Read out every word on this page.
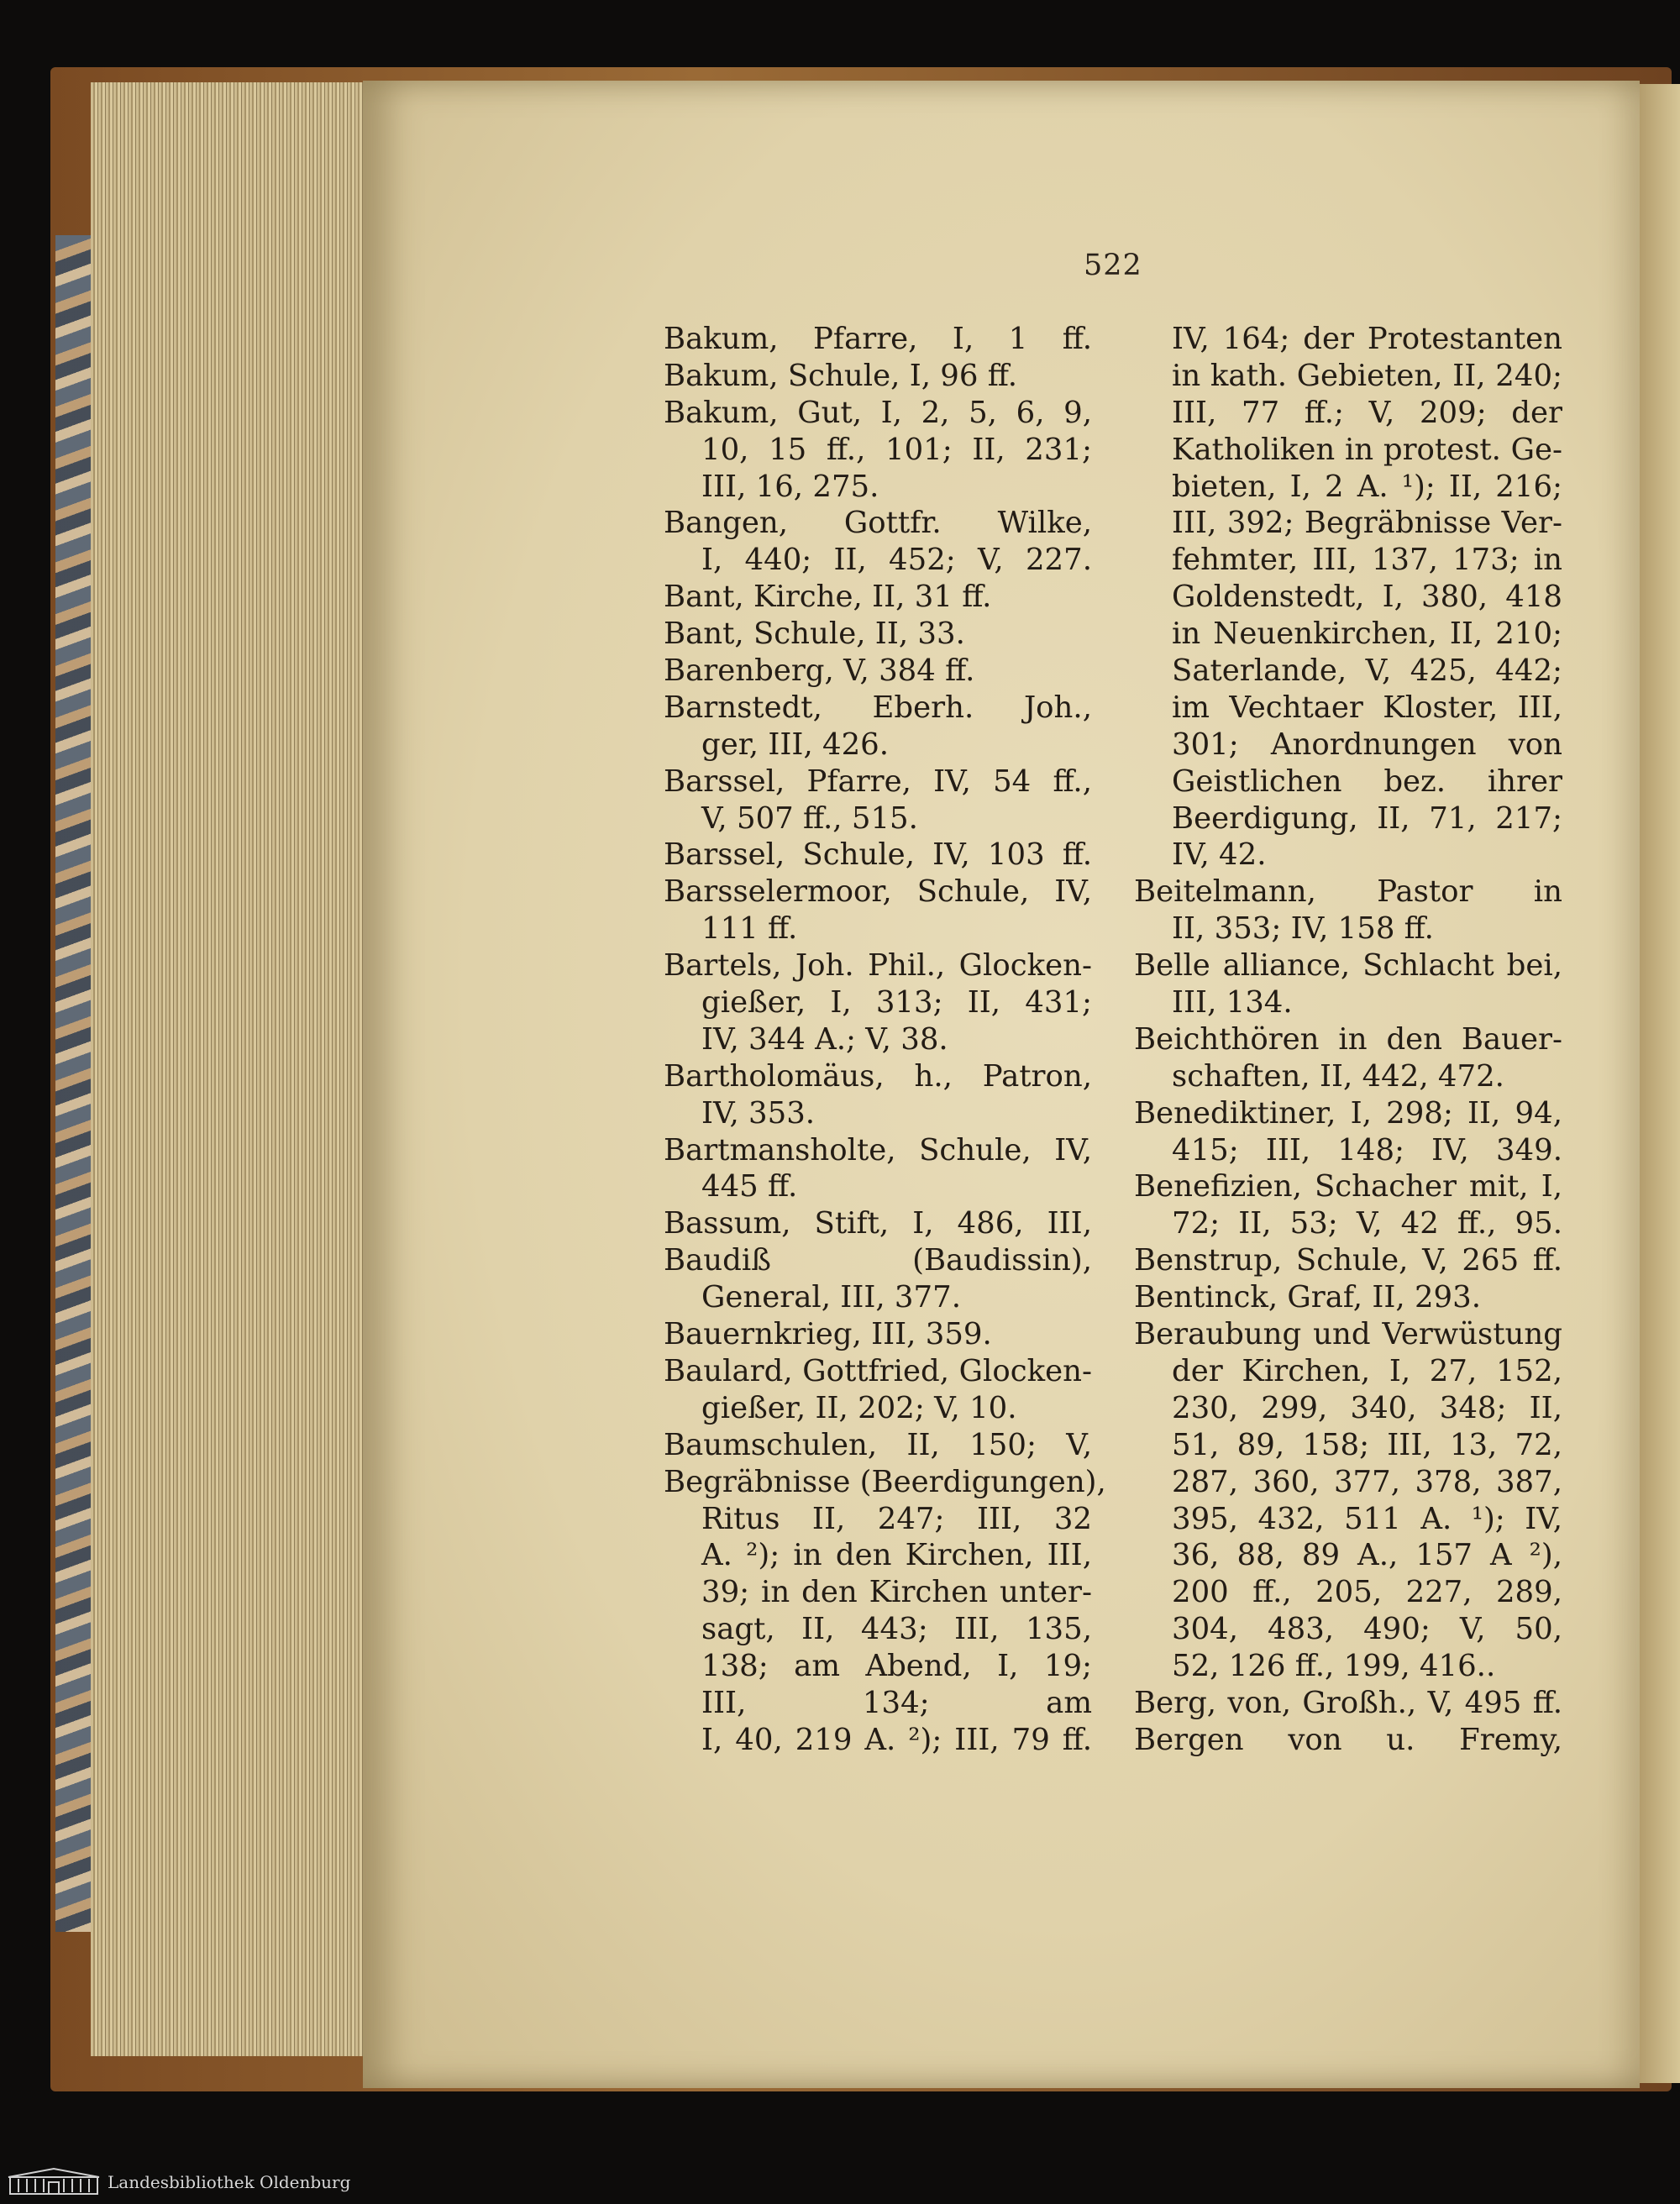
522
Bakum, Pfarre, I, 1 ff.
Bakum, Schule, I, 96 ff.
Bakum, Gut, I, 2, 5, 6, 9,
10, 15 ff., 101; II, 231;
III, 16, 275.
Bangen, Gottfr. Wilke,
I, 440; II, 452; V, 227.
Bant, Kirche, II, 31 ff.
Bant, Schule, II, 33.
Barenberg, V, 384 ff.
Barnstedt, Eberh. Joh.,
ger, III, 426.
Barssel, Pfarre, IV, 54 ff.,
V, 507 ff., 515.
Barssel, Schule, IV, 103 ff.
Barsselermoor, Schule, IV,
111 ff.
Bartels, Joh. Phil., Glocken-
gießer, I, 313; II, 431;
IV, 344 A.; V, 38.
Bartholomäus, h., Patron,
IV, 353.
Bartmansholte, Schule, IV,
445 ff.
Bassum, Stift, I, 486, III,
Baudiß (Baudissin),
General, III, 377.
Bauernkrieg, III, 359.
Baulard, Gottfried, Glocken-
gießer, II, 202; V, 10.
Baumschulen, II, 150; V,
Begräbnisse (Beerdigungen),
Ritus II, 247; III, 32
A. ²); in den Kirchen, III,
39; in den Kirchen unter-
sagt, II, 443; III, 135,
138; am Abend, I, 19;
III, 134; am
I, 40, 219 A. ²); III, 79 ff.
IV, 164; der Protestanten
in kath. Gebieten, II, 240;
III, 77 ff.; V, 209; der
Katholiken in protest. Ge-
bieten, I, 2 A. ¹); II, 216;
III, 392; Begräbnisse Ver-
fehmter, III, 137, 173; in
Goldenstedt, I, 380, 418
in Neuenkirchen, II, 210;
Saterlande, V, 425, 442;
im Vechtaer Kloster, III,
301; Anordnungen von
Geistlichen bez. ihrer
Beerdigung, II, 71, 217;
IV, 42.
Beitelmann, Pastor in
II, 353; IV, 158 ff.
Belle alliance, Schlacht bei,
III, 134.
Beichthören in den Bauer-
schaften, II, 442, 472.
Benediktiner, I, 298; II, 94,
415; III, 148; IV, 349.
Benefizien, Schacher mit, I,
72; II, 53; V, 42 ff., 95.
Benstrup, Schule, V, 265 ff.
Bentinck, Graf, II, 293.
Beraubung und Verwüstung
der Kirchen, I, 27, 152,
230, 299, 340, 348; II,
51, 89, 158; III, 13, 72,
287, 360, 377, 378, 387,
395, 432, 511 A. ¹); IV,
36, 88, 89 A., 157 A ²),
200 ff., 205, 227, 289,
304, 483, 490; V, 50,
52, 126 ff., 199, 416..
Berg, von, Großh., V, 495 ff.
Bergen von u. Fremy,
Landesbibliothek Oldenburg
